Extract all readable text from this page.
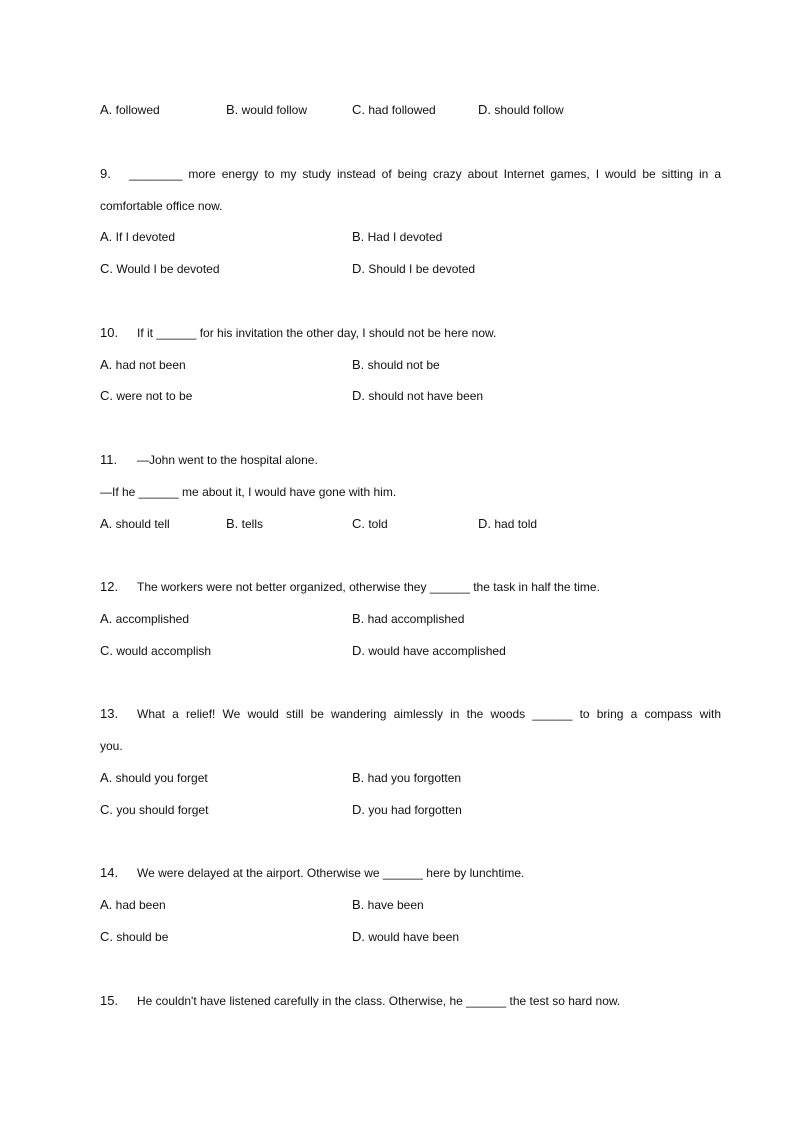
A. followed	B. would follow	C. had followed	D. should follow
9. ________ more energy to my study instead of being crazy about Internet games, I would be sitting in a
comfortable office now.
A. If I devoted	B. Had I devoted
C. Would I be devoted	D. Should I be devoted
10. If it ______ for his invitation the other day, I should not be here now.
A. had not been	B. should not be
C. were not to be	D. should not have been
11. —John went to the hospital alone.
—If he ______ me about it, I would have gone with him.
A. should tell	B. tells	C. told	D. had told
12. The workers were not better organized, otherwise they ______ the task in half the time.
A. accomplished	B. had accomplished
C. would accomplish	D. would have accomplished
13. What a relief! We would still be wandering aimlessly in the woods ______ to bring a compass with
you.
A. should you forget	B. had you forgotten
C. you should forget	D. you had forgotten
14. We were delayed at the airport. Otherwise we ______ here by lunchtime.
A. had been	B. have been
C. should be	D. would have been
15. He couldn't have listened carefully in the class. Otherwise, he ______ the test so hard now.
